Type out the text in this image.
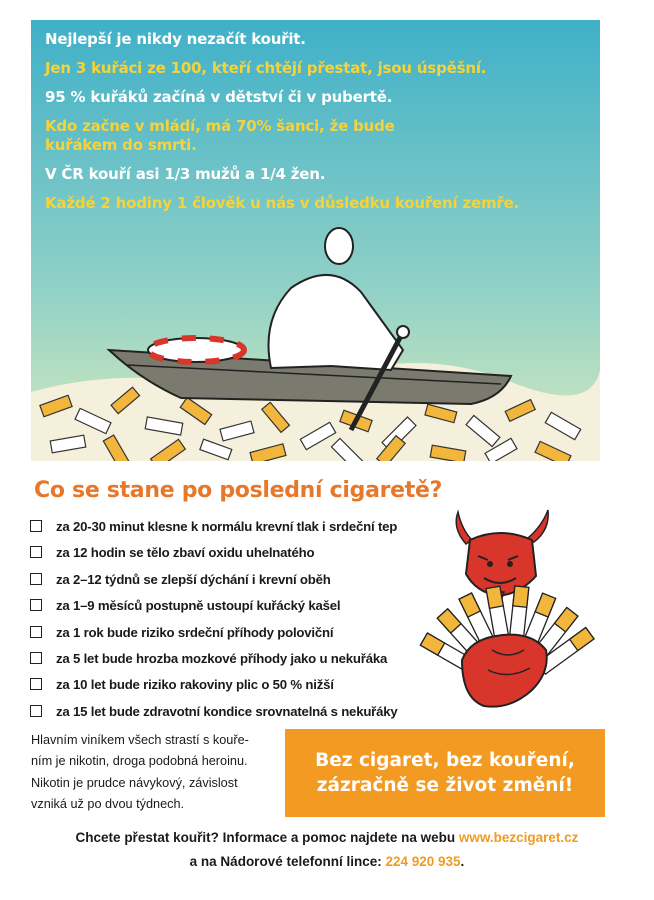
Nejlepší je nikdy nezačít kouřit.
Jen 3 kuřáci ze 100, kteří chtějí přestat, jsou úspěšní.
95 % kuřáků začíná v dětství či v pubertě.
Kdo začne v mládí, má 70% šanci, že bude kuřákem do smrti.
V ČR kouří asi 1/3 mužů a 1/4 žen.
Každé 2 hodiny 1 člověk u nás v důsledku kouření zemře.
Co se stane po poslední cigaretě?
za 20-30 minut klesne k normálu krevní tlak i srdeční tep
za 12 hodin se tělo zbaví oxidu uhelnatého
za 2–12 týdnů se zlepší dýchání i krevní oběh
za 1–9 měsíců postupně ustoupí kuřácký kašel
za 1 rok bude riziko srdeční příhody poloviční
za 5 let bude hrozba mozkové příhody jako u nekuřáka
za 10 let bude riziko rakoviny plic o 50 % nižší
za 15 let bude zdravotní kondice srovnatelná s nekuřáky
Hlavním viníkem všech strastí s kouře-
ním je nikotin, droga podobná heroinu.
Nikotin je prudce návykový, závislost
vzniká už po dvou týdnech.
Bez cigaret, bez kouření,
zázračně se život změní!
Chcete přestat kouřit? Informace a pomoc najdete na webu www.bezcigaret.cz
a na Nádorové telefonní lince: 224 920 935.
